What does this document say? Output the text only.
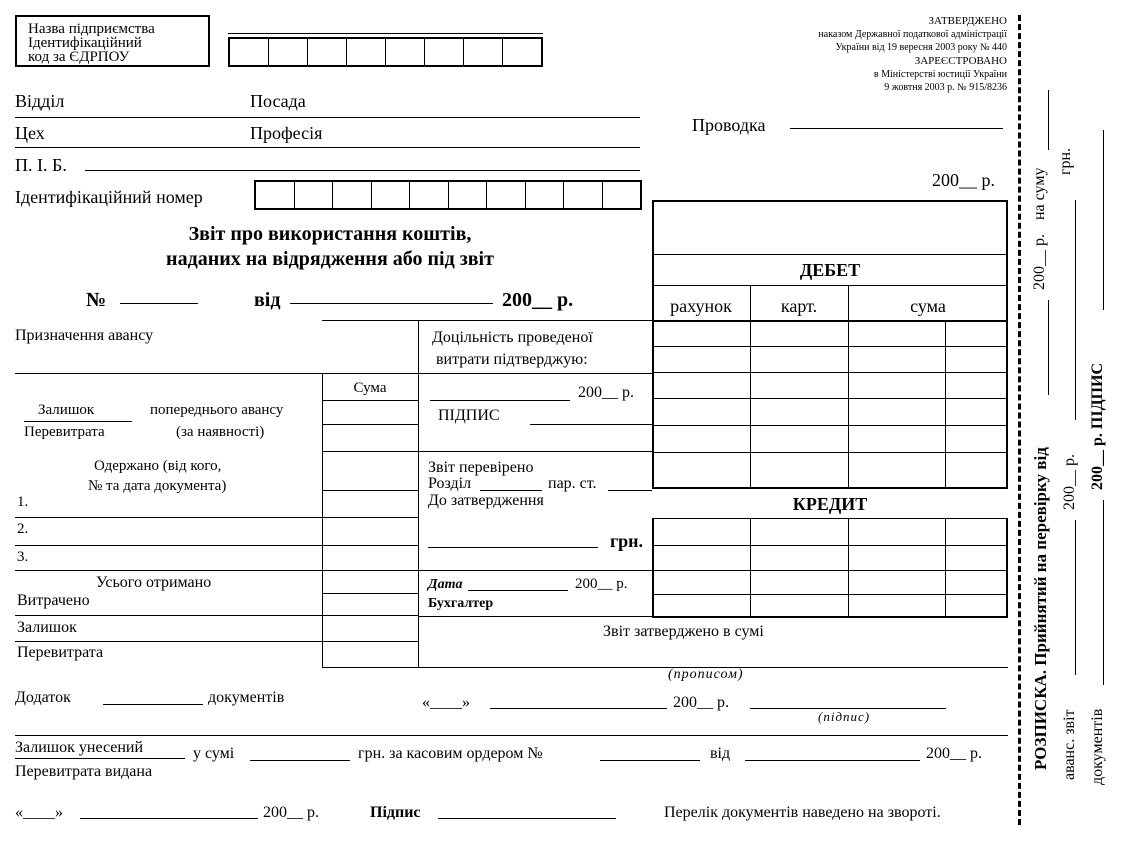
Назва підприємства
Ідентифікаційний
код за ЄДРПОУ
ЗАТВЕРДЖЕНО
наказом Державної податкової адміністрації
України від 19 вересня 2003 року № 440
ЗАРЕЄСТРОВАНО
в Міністерстві юстиції України
9 жовтня 2003 р. № 915/8236
Відділ	Посада
Цех	Професія
П. І. Б.
Ідентифікаційний номер
Проводка
200__ р.
Звіт про використання коштів,
наданих на відрядження або під звіт
№	від	200__ р.
ДЕБЕТ
рахунок	карт.	сума
КРЕДИТ
Призначення авансу
Сума
Залишок
Перевитрата
попереднього авансу
(за наявності)
Одержано (від кого,
№ та дата документа)
1.
2.
3.
Усього отримано
Витрачено
Залишок
Перевитрата
Доцільність проведеної
витрати підтверджую:
200__ р.
ПІДПИС
Звіт перевірено
Розділ	пар. ст.
До затвердження
грн.
Дата	200__ р.
Бухгалтер
Звіт затверджено в сумі
(прописом)
Додаток	документів	«____»	200__ р.
(підпис)
Залишок унесений
Перевитрата видана
у сумі	грн. за касовим ордером №	від	200__ р.
«____»	200__ р.	Підпис	Перелік документів наведено на звороті.
РОЗПИСКА. Прийнятий на перевірку від
200__ р.
на суму
грн.
аванс. звіт
200__ р.
документів
200__ р. ПІДПИС
